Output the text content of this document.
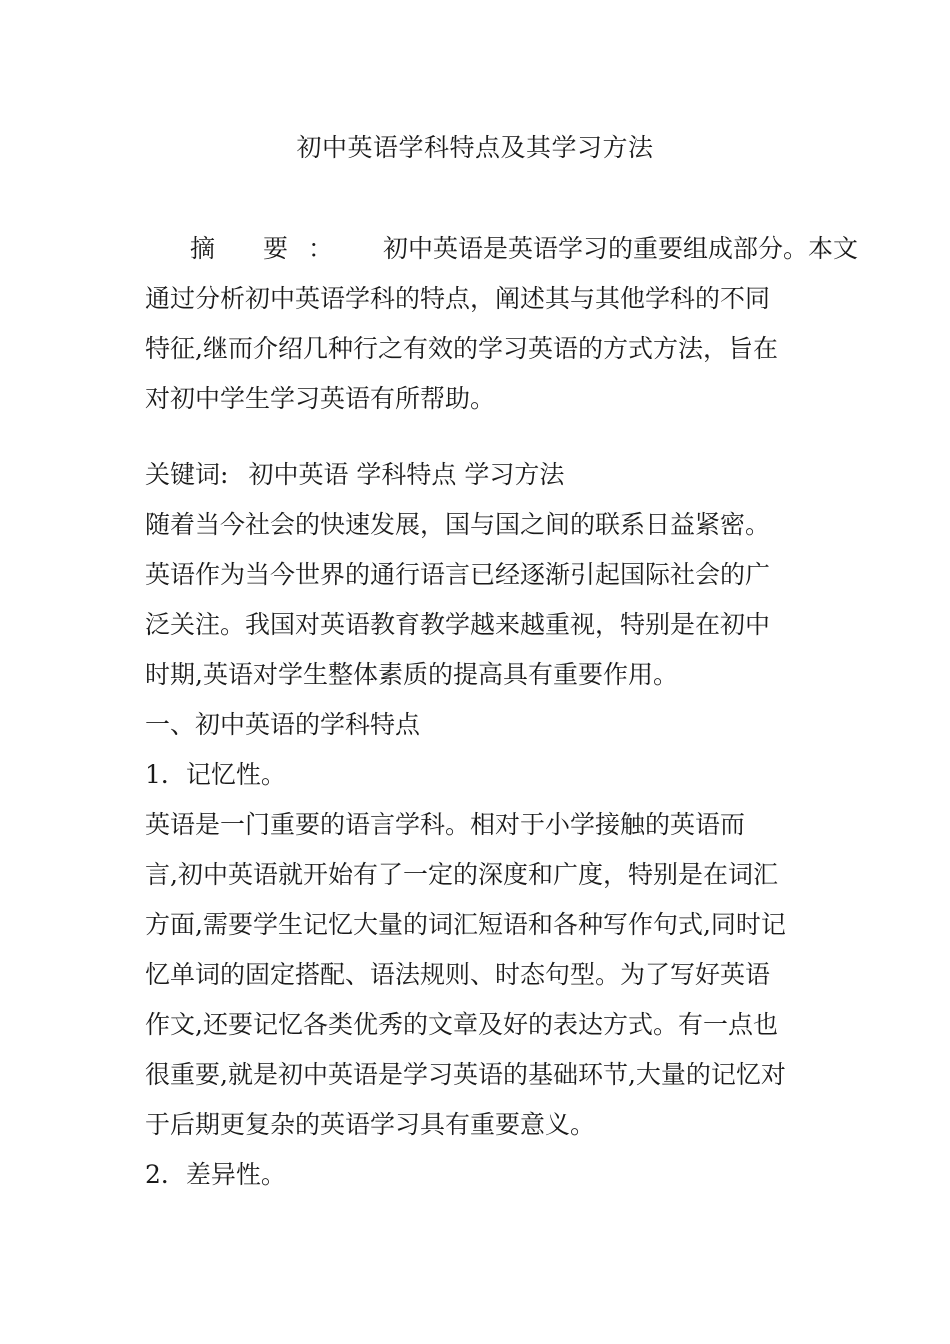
初中英语学科特点及其学习方法

摘 要： 初中英语是英语学习的重要组成部分。本文

通过分析初中英语学科的特点，阐述其与其他学科的不同

特征,继而介绍几种行之有效的学习英语的方式方法，旨在

对初中学生学习英语有所帮助。

关键词: 初中英语 学科特点 学习方法

随着当今社会的快速发展，国与国之间的联系日益紧密。

英语作为当今世界的通行语言已经逐渐引起国际社会的广

泛关注。我国对英语教育教学越来越重视，特别是在初中

时期,英语对学生整体素质的提高具有重要作用。

一、初中英语的学科特点

1．记忆性。

英语是一门重要的语言学科。相对于小学接触的英语而

言,初中英语就开始有了一定的深度和广度，特别是在词汇

方面,需要学生记忆大量的词汇短语和各种写作句式,同时记

忆单词的固定搭配、语法规则、时态句型。为了写好英语

作文,还要记忆各类优秀的文章及好的表达方式。有一点也

很重要,就是初中英语是学习英语的基础环节,大量的记忆对

于后期更复杂的英语学习具有重要意义。

2．差异性。
